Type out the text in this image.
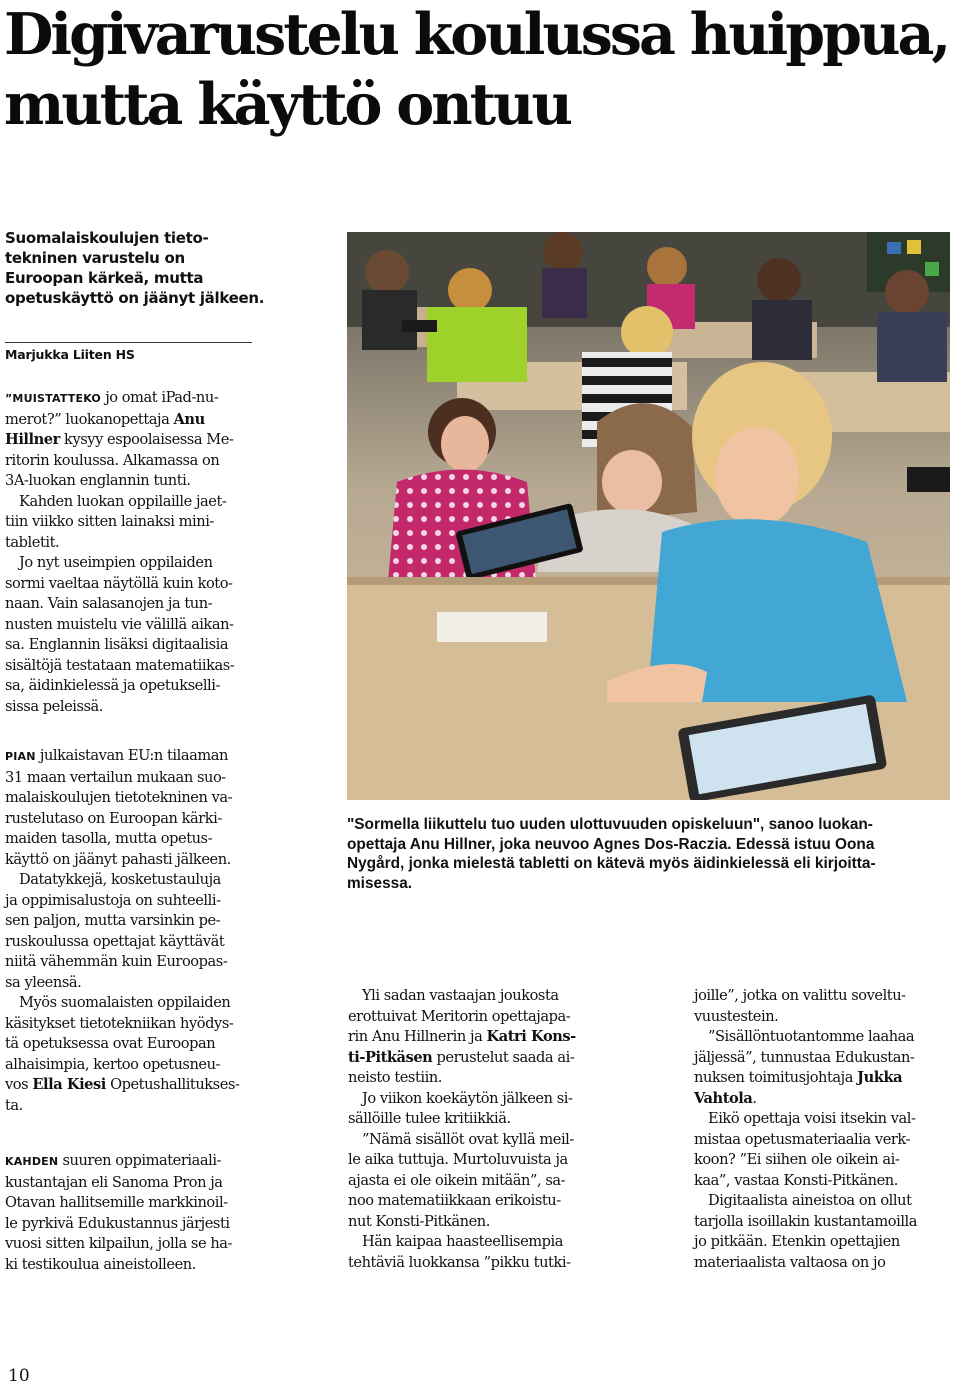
Digivarustelu koulussa huippua,
mutta käyttö ontuu

Suomalaiskoulujen tieto-
tekninen varustelu on
Euroopan kärkeä, mutta
opetuskäyttö on jäänyt jälkeen.

Marjukka Liiten HS

”MUISTATTEKO jo omat iPad-nu-
merot?” luokanopettaja Anu
Hillner kysyy espoolaisessa Me-
ritorin koulussa. Alkamassa on
3A-luokan englannin tunti.

Kahden luokan oppilaille jaet-
tiin viikko sitten lainaksi mini-
tabletit.

Jo nyt useimpien oppilaiden
sormi vaeltaa näytöllä kuin koto-
naan. Vain salasanojen ja tun-
nusten muistelu vie välillä aikan-
sa. Englannin lisäksi digitaalisia
sisältöjä testataan matematiikas-
sa, äidinkielessä ja opetukselli-
sissa peleissä.

PIAN julkaistavan EU:n tilaaman
31 maan vertailun mukaan suo-
malaiskoulujen tietotekninen va-
rustelutaso on Euroopan kärki-
maiden tasolla, mutta opetus-
käyttö on jäänyt pahasti jälkeen.

Datatykkejä, kosketustauluja
ja oppimisalustoja on suhteelli-
sen paljon, mutta varsinkin pe-
ruskoulussa opettajat käyttävät
niitä vähemmän kuin Euroopas-
sa yleensä.

Myös suomalaisten oppilaiden
käsitykset tietotekniikan hyödys-
tä opetuksessa ovat Euroopan
alhaisimpia, kertoo opetusneu-
vos Ella Kiesi Opetushallitukses-
ta.

KAHDEN suuren oppimateriaali-
kustantajan eli Sanoma Pron ja
Otavan hallitsemille markkinoil-
le pyrkivä Edukustannus järjesti
vuosi sitten kilpailun, jolla se ha-
ki testikoulua aineistolleen.

"Sormella liikuttelu tuo uuden ulottuvuuden opiskeluun", sanoo luokan-
opettaja Anu Hillner, joka neuvoo Agnes Dos-Raczia. Edessä istuu Oona
Nygård, jonka mielestä tabletti on kätevä myös äidinkielessä eli kirjoitta-
misessa.

Yli sadan vastaajan joukosta
erottuivat Meritorin opettajapa-
rin Anu Hillnerin ja Katri Kons-
ti-Pitkäsen perustelut saada ai-
neisto testiin.

Jo viikon koekäytön jälkeen si-
sällöille tulee kritiikkiä.

”Nämä sisällöt ovat kyllä meil-
le aika tuttuja. Murtoluvuista ja
ajasta ei ole oikein mitään”, sa-
noo matematiikkaan erikoistu-
nut Konsti-Pitkänen.

Hän kaipaa haasteellisempia
tehtäviä luokkansa ”pikku tutki-

joille”, jotka on valittu soveltu-
vuustestein.

”Sisällöntuotantomme laahaa
jäljessä”, tunnustaa Edukustan-
nuksen toimitusjohtaja Jukka
Vahtola.

Eikö opettaja voisi itsekin val-
mistaa opetusmateriaalia verk-
koon? ”Ei siihen ole oikein ai-
kaa”, vastaa Konsti-Pitkänen.

Digitaalista aineistoa on ollut
tarjolla isoillakin kustantamoilla
jo pitkään. Etenkin opettajien
materiaalista valtaosa on jo

10
